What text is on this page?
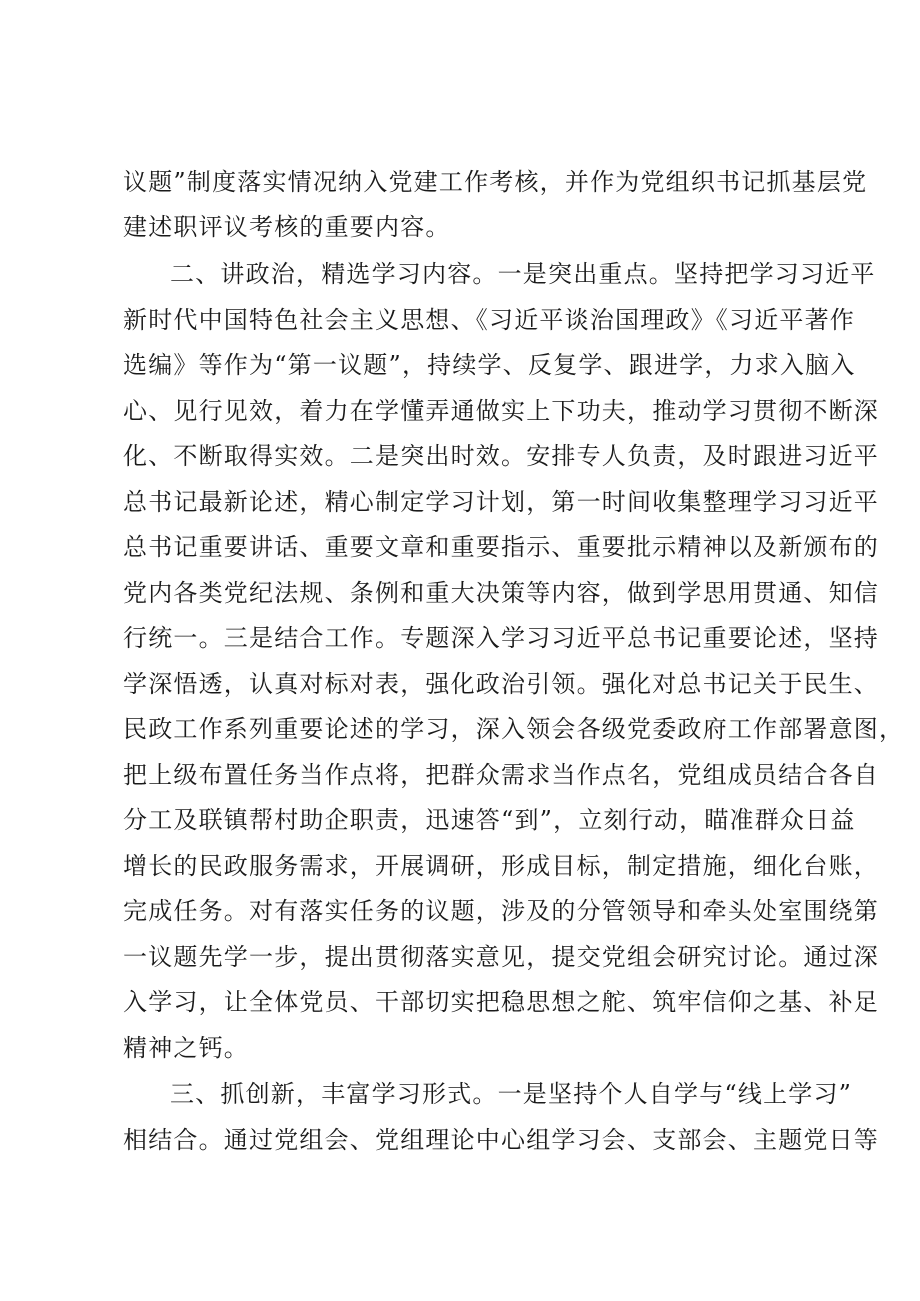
议题”制度落实情况纳入党建工作考核，并作为党组织书记抓基层党
建述职评议考核的重要内容。
二、讲政治，精选学习内容。一是突出重点。坚持把学习习近平
新时代中国特色社会主义思想、《习近平谈治国理政》《习近平著作
选编》等作为“第一议题”，持续学、反复学、跟进学，力求入脑入
心、见行见效，着力在学懂弄通做实上下功夫，推动学习贯彻不断深
化、不断取得实效。二是突出时效。安排专人负责，及时跟进习近平
总书记最新论述，精心制定学习计划，第一时间收集整理学习习近平
总书记重要讲话、重要文章和重要指示、重要批示精神以及新颁布的
党内各类党纪法规、条例和重大决策等内容，做到学思用贯通、知信
行统一。三是结合工作。专题深入学习习近平总书记重要论述，坚持
学深悟透，认真对标对表，强化政治引领。强化对总书记关于民生、
民政工作系列重要论述的学习，深入领会各级党委政府工作部署意图，
把上级布置任务当作点将，把群众需求当作点名，党组成员结合各自
分工及联镇帮村助企职责，迅速答“到”，立刻行动，瞄准群众日益
增长的民政服务需求，开展调研，形成目标，制定措施，细化台账，
完成任务。对有落实任务的议题，涉及的分管领导和牵头处室围绕第
一议题先学一步，提出贯彻落实意见，提交党组会研究讨论。通过深
入学习，让全体党员、干部切实把稳思想之舵、筑牢信仰之基、补足
精神之钙。
三、抓创新，丰富学习形式。一是坚持个人自学与“线上学习”
相结合。通过党组会、党组理论中心组学习会、支部会、主题党日等
